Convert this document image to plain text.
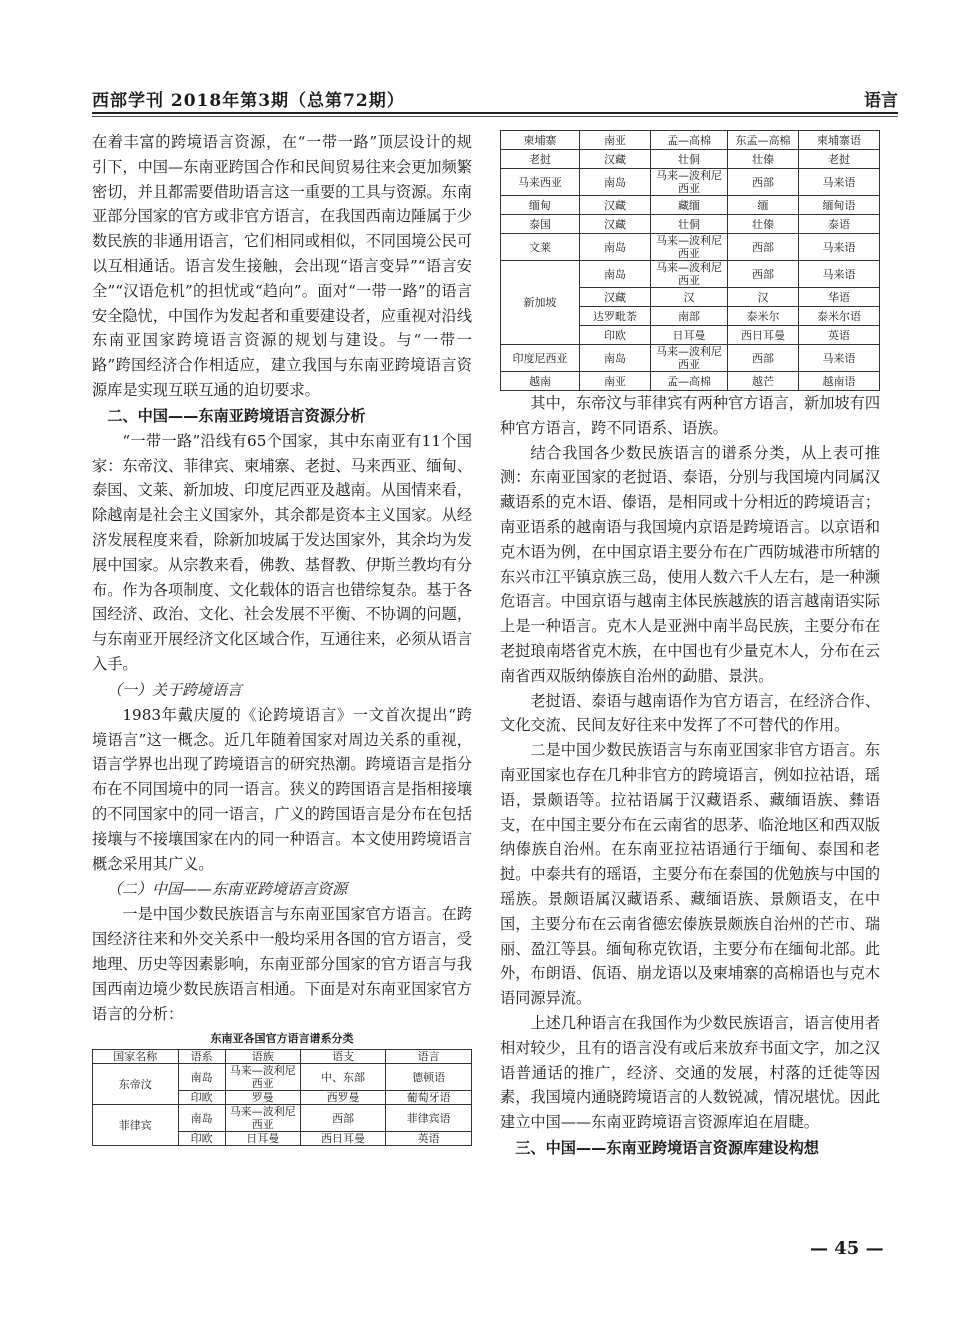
西部学刊 2018年第3期（总第72期）	语言

在着丰富的跨境语言资源，在“一带一路”顶层设计的规引下，中国—东南亚跨国合作和民间贸易往来会更加频繁密切，并且都需要借助语言这一重要的工具与资源。东南亚部分国家的官方或非官方语言，在我国西南边陲属于少数民族的非通用语言，它们相同或相似，不同国境公民可以互相通话。语言发生接触，会出现“语言变异”“语言安全”“汉语危机”的担忧或“趋向”。面对“一带一路”的语言安全隐忧，中国作为发起者和重要建设者，应重视对沿线东南亚国家跨境语言资源的规划与建设。与“一带一路”跨国经济合作相适应，建立我国与东南亚跨境语言资源库是实现互联互通的迫切要求。

二、中国——东南亚跨境语言资源分析

“一带一路”沿线有65个国家，其中东南亚有11个国家：东帝汶、菲律宾、柬埔寨、老挝、马来西亚、缅甸、泰国、文莱、新加坡、印度尼西亚及越南。从国情来看，除越南是社会主义国家外，其余都是资本主义国家。从经济发展程度来看，除新加坡属于发达国家外，其余均为发展中国家。从宗教来看，佛教、基督教、伊斯兰教均有分布。作为各项制度、文化载体的语言也错综复杂。基于各国经济、政治、文化、社会发展不平衡、不协调的问题，与东南亚开展经济文化区域合作，互通往来，必须从语言入手。

（一）关于跨境语言

1983年戴庆厦的《论跨境语言》一文首次提出“跨境语言”这一概念。近几年随着国家对周边关系的重视，语言学界也出现了跨境语言的研究热潮。跨境语言是指分布在不同国境中的同一语言。狭义的跨国语言是指相接壤的不同国家中的同一语言，广义的跨国语言是分布在包括接壤与不接壤国家在内的同一种语言。本文使用跨境语言概念采用其广义。

（二）中国——东南亚跨境语言资源

一是中国少数民族语言与东南亚国家官方语言。在跨国经济往来和外交关系中一般均采用各国的官方语言，受地理、历史等因素影响，东南亚部分国家的官方语言与我国西南边境少数民族语言相通。下面是对东南亚国家官方语言的分析：

东南亚各国官方语言谱系分类
国家名称	语系	语族	语支	语言
东帝汶	南岛	马来—波利尼西亚	中、东部	德顿语
	印欧	罗曼	西罗曼	葡萄牙语
菲律宾	南岛	马来—波利尼西亚	西部	菲律宾语
	印欧	日耳曼	西日耳曼	英语
柬埔寨	南亚	孟—高棉	东孟—高棉	柬埔寨语
老挝	汉藏	壮侗	壮傣	老挝
马来西亚	南岛	马来—波利尼西亚	西部	马来语
缅甸	汉藏	藏缅	缅	缅甸语
泰国	汉藏	壮侗	壮傣	泰语
文莱	南岛	马来—波利尼西亚	西部	马来语
新加坡	南岛	马来—波利尼西亚	西部	马来语
	汉藏	汉	汉	华语
	达罗毗荼	南部	泰米尔	泰米尔语
	印欧	日耳曼	西日耳曼	英语
印度尼西亚	南岛	马来—波利尼西亚	西部	马来语
越南	南亚	孟—高棉	越芒	越南语

其中，东帝汶与菲律宾有两种官方语言，新加坡有四种官方语言，跨不同语系、语族。

结合我国各少数民族语言的谱系分类，从上表可推测：东南亚国家的老挝语、泰语，分别与我国境内同属汉藏语系的克木语、傣语，是相同或十分相近的跨境语言；南亚语系的越南语与我国境内京语是跨境语言。以京语和克木语为例，在中国京语主要分布在广西防城港市所辖的东兴市江平镇京族三岛，使用人数六千人左右，是一种濒危语言。中国京语与越南主体民族越族的语言越南语实际上是一种语言。克木人是亚洲中南半岛民族，主要分布在老挝琅南塔省克木族，在中国也有少量克木人，分布在云南省西双版纳傣族自治州的勐腊、景洪。

老挝语、泰语与越南语作为官方语言，在经济合作、文化交流、民间友好往来中发挥了不可替代的作用。

二是中国少数民族语言与东南亚国家非官方语言。东南亚国家也存在几种非官方的跨境语言，例如拉祜语，瑶语，景颇语等。拉祜语属于汉藏语系、藏缅语族、彝语支，在中国主要分布在云南省的思茅、临沧地区和西双版纳傣族自治州。在东南亚拉祜语通行于缅甸、泰国和老挝。中泰共有的瑶语，主要分布在泰国的优勉族与中国的瑶族。景颇语属汉藏语系、藏缅语族、景颇语支，在中国，主要分布在云南省德宏傣族景颇族自治州的芒市、瑞丽、盈江等县。缅甸称克钦语，主要分布在缅甸北部。此外，布朗语、佤语、崩龙语以及柬埔寨的高棉语也与克木语同源异流。

上述几种语言在我国作为少数民族语言，语言使用者相对较少，且有的语言没有或后来放弃书面文字，加之汉语普通话的推广，经济、交通的发展，村落的迁徙等因素，我国境内通晓跨境语言的人数锐减，情况堪忧。因此建立中国——东南亚跨境语言资源库迫在眉睫。

三、中国——东南亚跨境语言资源库建设构想

— 45 —
